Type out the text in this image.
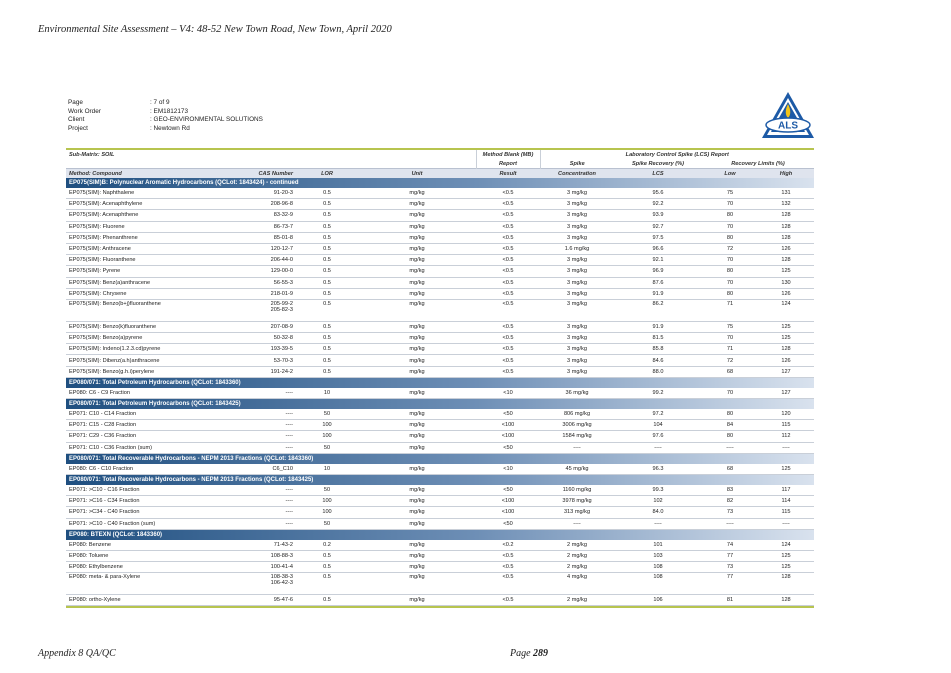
Environmental Site Assessment – V4: 48-52 New Town Road, New Town, April 2020
Page	: 7 of 9
Work Order	: EM1812173
Client	: GEO-ENVIRONMENTAL SOLUTIONS
Project	: Newtown Rd	ALS
Sub-Matrix: SOIL				Method Blank (MB)	Laboratory Control Spike (LCS) Report			
				Report	Spike	Spike Recovery (%)	Recovery Limits (%)	
Method: Compound	CAS Number	LOR	Unit	Result	Concentration	LCS	Low	High
EP075(SIM)B: Polynuclear Aromatic Hydrocarbons (QCLot: 1843424) - continued								
EP075(SIM): Naphthalene	91-20-3	0.5	mg/kg	<0.5	3 mg/kg	95.6	75	131
EP075(SIM): Acenaphthylene	208-96-8	0.5	mg/kg	<0.5	3 mg/kg	92.2	70	132
EP075(SIM): Acenaphthene	83-32-9	0.5	mg/kg	<0.5	3 mg/kg	93.9	80	128
EP075(SIM): Fluorene	86-73-7	0.5	mg/kg	<0.5	3 mg/kg	92.7	70	128
EP075(SIM): Phenanthrene	85-01-8	0.5	mg/kg	<0.5	3 mg/kg	97.5	80	128
EP075(SIM): Anthracene	120-12-7	0.5	mg/kg	<0.5	1.6 mg/kg	96.6	72	126
EP075(SIM): Fluoranthene	206-44-0	0.5	mg/kg	<0.5	3 mg/kg	92.1	70	128
EP075(SIM): Pyrene	129-00-0	0.5	mg/kg	<0.5	3 mg/kg	96.9	80	125
EP075(SIM): Benz(a)anthracene	56-55-3	0.5	mg/kg	<0.5	3 mg/kg	87.6	70	130
EP075(SIM): Chrysene	218-01-9	0.5	mg/kg	<0.5	3 mg/kg	91.9	80	126
EP075(SIM): Benzo(b+j)fluoranthene	205-99-2
205-82-3	0.5	mg/kg	<0.5	3 mg/kg	86.2	71	124
EP075(SIM): Benzo(k)fluoranthene	207-08-9	0.5	mg/kg	<0.5	3 mg/kg	91.9	75	125
EP075(SIM): Benzo(a)pyrene	50-32-8	0.5	mg/kg	<0.5	3 mg/kg	81.5	70	125
EP075(SIM): Indeno(1.2.3.cd)pyrene	193-39-5	0.5	mg/kg	<0.5	3 mg/kg	85.8	71	128
EP075(SIM): Dibenz(a.h)anthracene	53-70-3	0.5	mg/kg	<0.5	3 mg/kg	84.6	72	126
EP075(SIM): Benzo(g.h.i)perylene	191-24-2	0.5	mg/kg	<0.5	3 mg/kg	88.0	68	127
EP080/071: Total Petroleum Hydrocarbons (QCLot: 1843360)								
EP080: C6 - C9 Fraction	----	10	mg/kg	<10	36 mg/kg	99.2	70	127
EP080/071: Total Petroleum Hydrocarbons (QCLot: 1843425)								
EP071: C10 - C14 Fraction	----	50	mg/kg	<50	806 mg/kg	97.2	80	120
EP071: C15 - C28 Fraction	----	100	mg/kg	<100	3006 mg/kg	104	84	115
EP071: C29 - C36 Fraction	----	100	mg/kg	<100	1584 mg/kg	97.6	80	112
EP071: C10 - C36 Fraction (sum)	----	50	mg/kg	<50	----	----	----	----
EP080/071: Total Recoverable Hydrocarbons - NEPM 2013 Fractions (QCLot: 1843360)								
EP080: C6 - C10 Fraction	C6_C10	10	mg/kg	<10	45 mg/kg	96.3	68	125
EP080/071: Total Recoverable Hydrocarbons - NEPM 2013 Fractions (QCLot: 1843425)								
EP071: >C10 - C16 Fraction	----	50	mg/kg	<50	1160 mg/kg	99.3	83	117
EP071: >C16 - C34 Fraction	----	100	mg/kg	<100	3978 mg/kg	102	82	114
EP071: >C34 - C40 Fraction	----	100	mg/kg	<100	313 mg/kg	84.0	73	115
EP071: >C10 - C40 Fraction (sum)	----	50	mg/kg	<50	----	----	----	----
EP080: BTEXN (QCLot: 1843360)								
EP080: Benzene	71-43-2	0.2	mg/kg	<0.2	2 mg/kg	101	74	124
EP080: Toluene	108-88-3	0.5	mg/kg	<0.5	2 mg/kg	103	77	125
EP080: Ethylbenzene	100-41-4	0.5	mg/kg	<0.5	2 mg/kg	108	73	125
EP080: meta- & para-Xylene	108-38-3
106-42-3	0.5	mg/kg	<0.5	4 mg/kg	108	77	128
EP080: ortho-Xylene	95-47-6	0.5	mg/kg	<0.5	2 mg/kg	106	81	128
Appendix 8 QA/QC	Page 289
